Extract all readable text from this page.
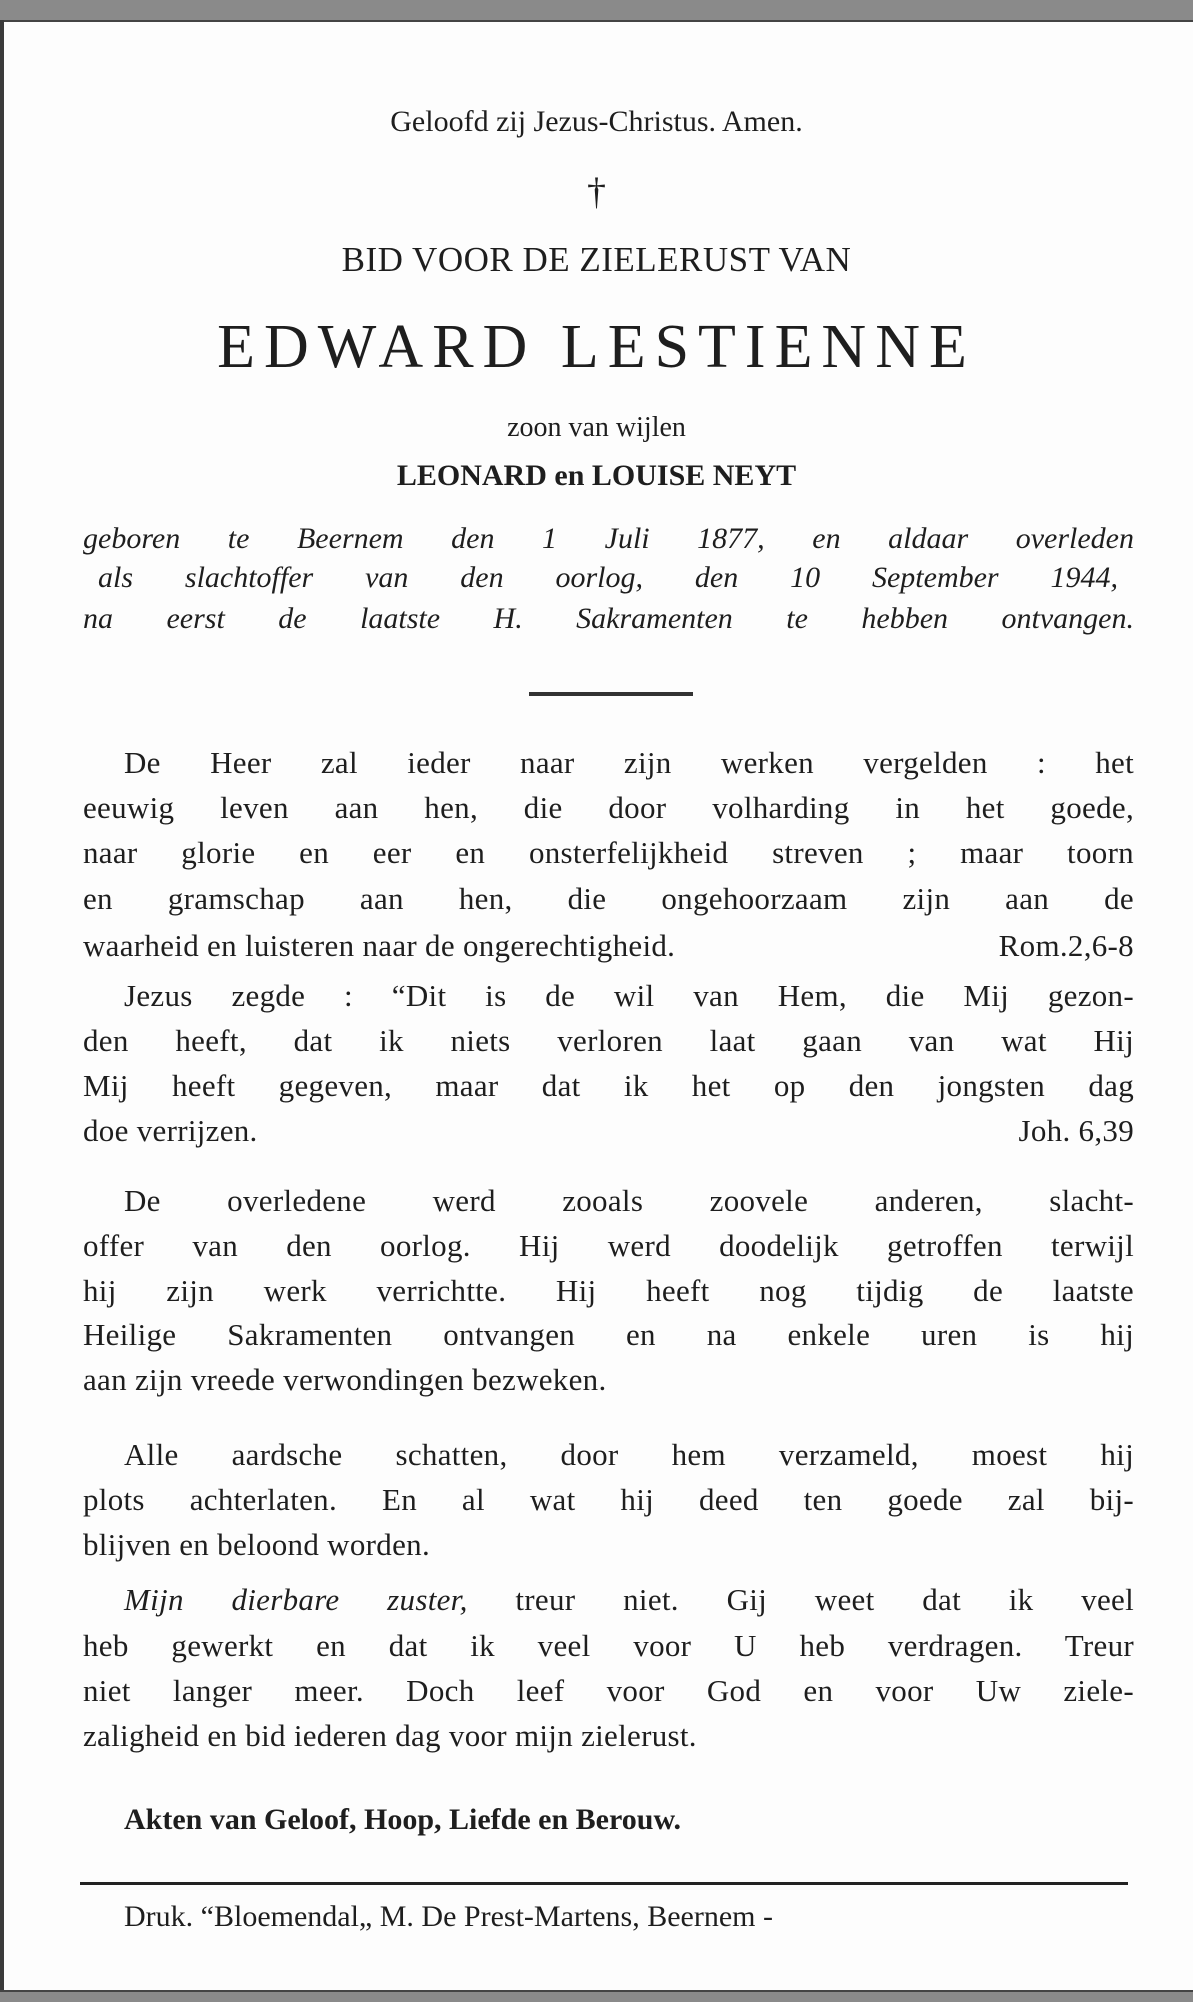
Geloofd zij Jezus-Christus. Amen.
†
BID VOOR DE ZIELERUST VAN
EDWARD LESTIENNE
zoon van wijlen
LEONARD en LOUISE NEYT
geboren te Beernem den 1 Juli 1877, en aldaar overleden
als slachtoffer van den oorlog, den 10 September 1944,
na eerst de laatste H. Sakramenten te hebben ontvangen.
De Heer zal ieder naar zijn werken vergelden : het
eeuwig leven aan hen, die door volharding in het goede,
naar glorie en eer en onsterfelijkheid streven ; maar toorn
en gramschap aan hen, die ongehoorzaam zijn aan de
waarheid en luisteren naar de ongerechtigheid.	Rom.2,6-8
Jezus zegde : “Dit is de wil van Hem, die Mij gezon-
den heeft, dat ik niets verloren laat gaan van wat Hij
Mij heeft gegeven, maar dat ik het op den jongsten dag
doe verrijzen.	Joh. 6,39
De overledene werd zooals zoovele anderen, slacht-
offer van den oorlog. Hij werd doodelijk getroffen terwijl
hij zijn werk verrichtte. Hij heeft nog tijdig de laatste
Heilige Sakramenten ontvangen en na enkele uren is hij
aan zijn vreede verwondingen bezweken.
Alle aardsche schatten, door hem verzameld, moest hij
plots achterlaten. En al wat hij deed ten goede zal bij-
blijven en beloond worden.
Mijn dierbare zuster, treur niet. Gij weet dat ik veel
heb gewerkt en dat ik veel voor U heb verdragen. Treur
niet langer meer. Doch leef voor God en voor Uw ziele-
zaligheid en bid iederen dag voor mijn zielerust.
Akten van Geloof, Hoop, Liefde en Berouw.
Druk. “Bloemendal„ M. De Prest-Martens, Beernem -
